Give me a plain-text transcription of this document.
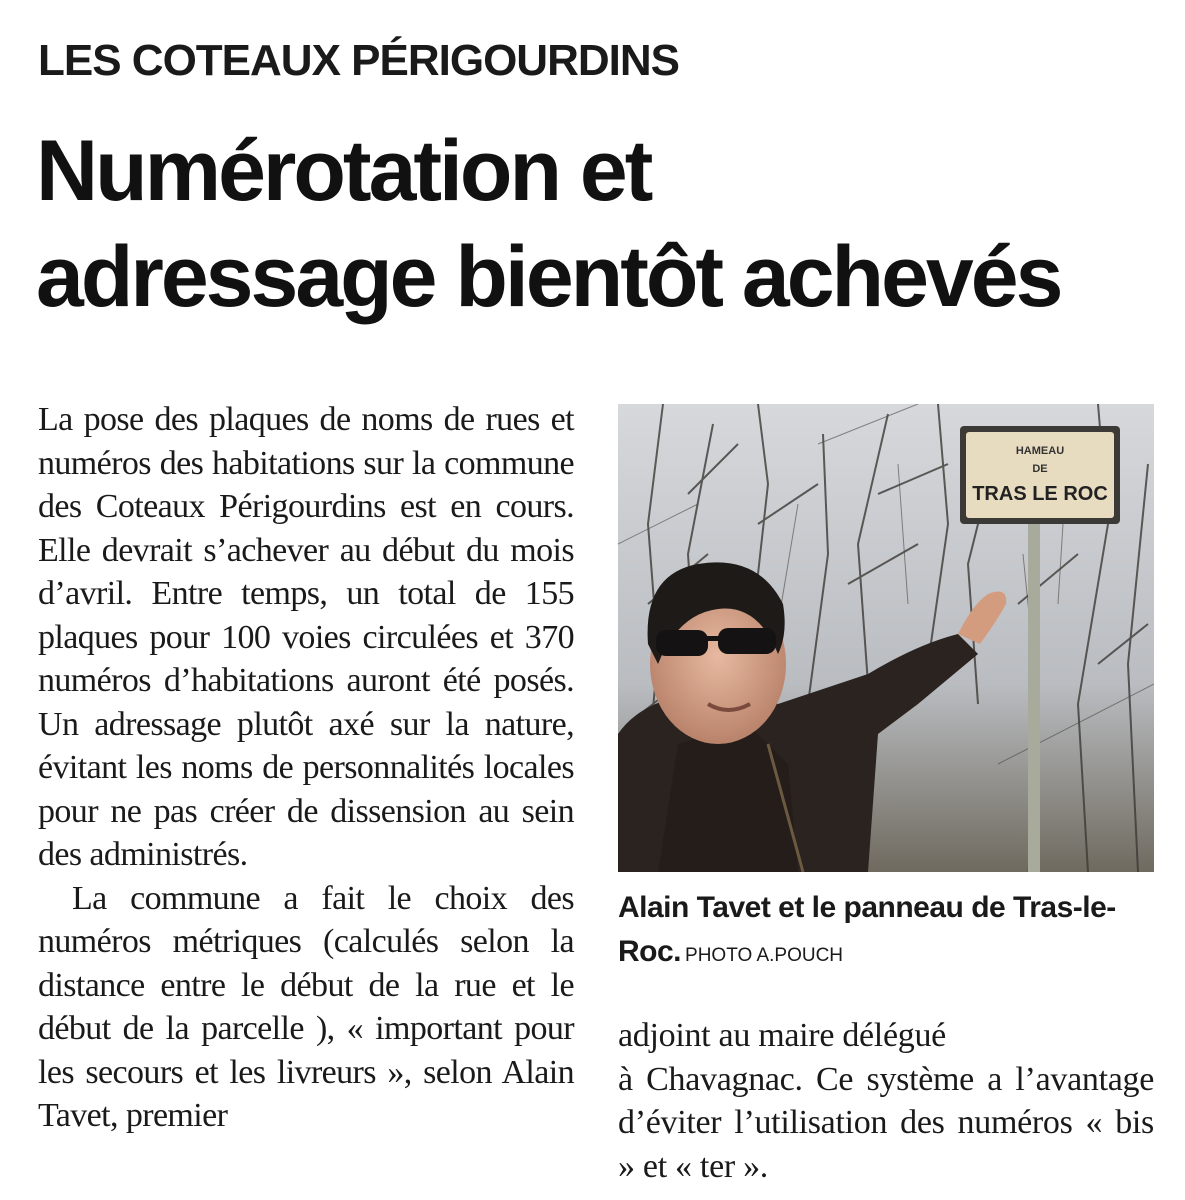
LES COTEAUX PÉRIGOURDINS
Numérotation et
adressage bientôt achevés

La pose des plaques de noms de rues et numéros des habitations sur la commune des Coteaux Périgourdins est en cours. Elle devrait s’achever au début du mois d’avril. Entre temps, un total de 155 plaques pour 100 voies circulées et 370 numéros d’habitations auront été posés. Un adressage plutôt axé sur la nature, évitant les noms de personnalités locales pour ne pas créer de dissension au sein des administrés.

La commune a fait le choix des numéros métriques (calculés selon la distance entre le début de la rue et le début de la parcelle ), « important pour les secours et les livreurs », selon Alain Tavet, premier

HAMEAU
DE
TRAS LE ROC
Alain Tavet et le panneau de Tras-le-Roc. PHOTO A.POUCH

adjoint au maire délégué

à Chavagnac. Ce système a l’avantage d’éviter l’utilisation des numéros « bis » et « ter ».
